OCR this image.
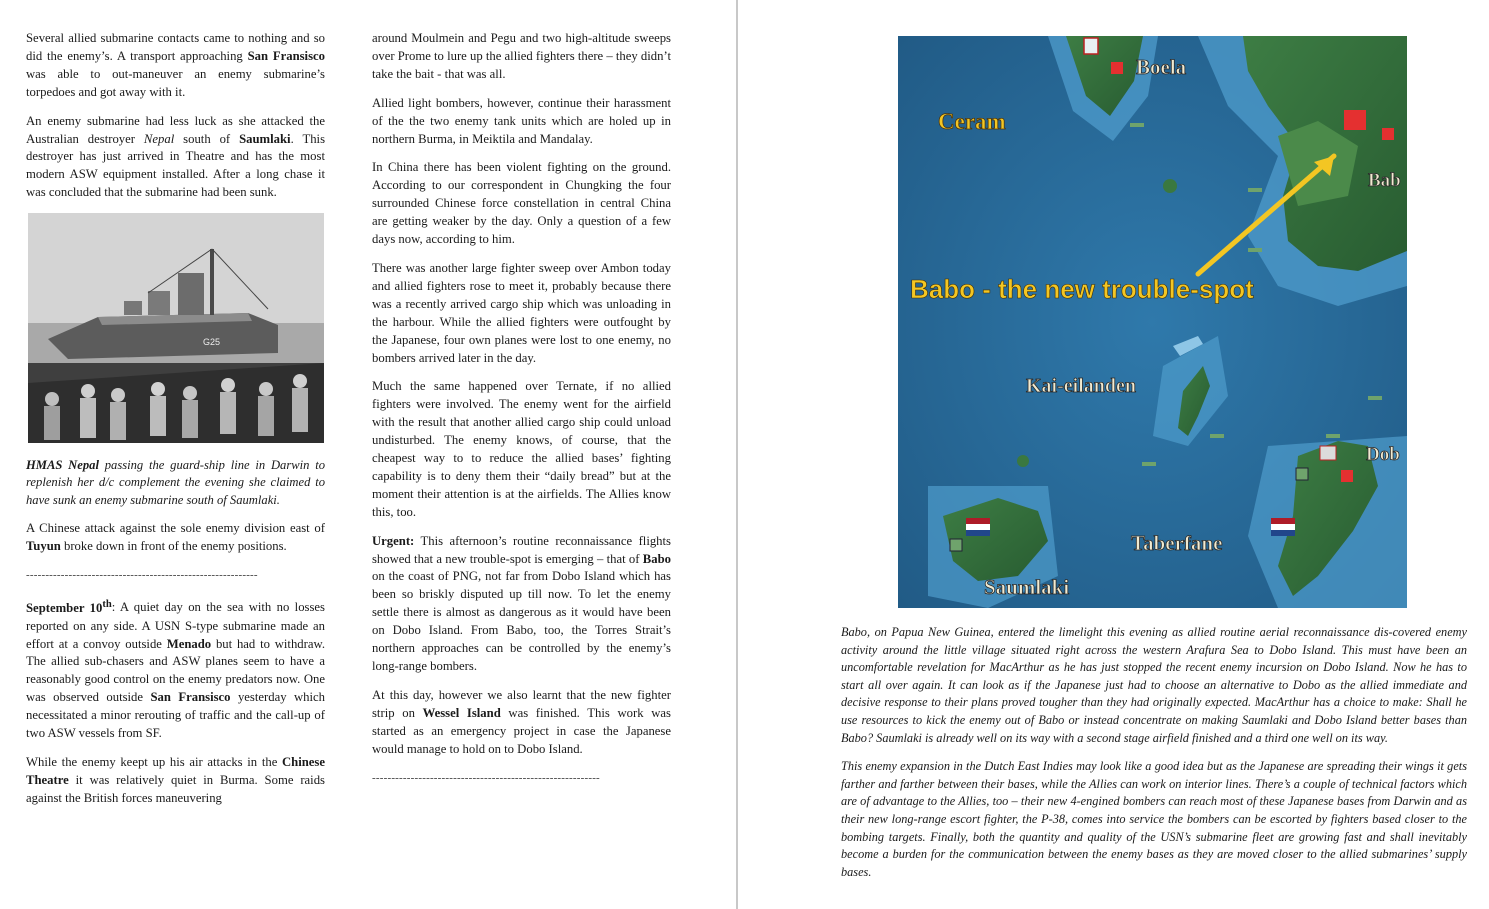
Several allied submarine contacts came to nothing and so did the enemy’s. A transport approaching San Fransisco was able to out-maneuver an enemy submarine’s torpedoes and got away with it.

An enemy submarine had less luck as she attacked the Australian destroyer Nepal south of Saumlaki. This destroyer has just arrived in Theatre and has the most modern ASW equipment installed. After a long chase it was concluded that the submarine had been sunk.

G25

HMAS Nepal passing the guard-ship line in Darwin to replenish her d/c complement the evening she claimed to have sunk an enemy submarine south of Saumlaki.

A Chinese attack against the sole enemy division east of Tuyun broke down in front of the enemy positions.

------------------------------------------------------------

September 10th: A quiet day on the sea with no losses reported on any side. A USN S-type submarine made an effort at a convoy outside Menado but had to withdraw. The allied sub-chasers and ASW planes seem to have a reasonably good control on the enemy predators now. One was observed outside San Fransisco yesterday which necessitated a minor rerouting of traffic and the call-up of two ASW vessels from SF.

While the enemy keept up his air attacks in the Chinese Theatre it was relatively quiet in Burma. Some raids against the British forces maneuvering

around Moulmein and Pegu and two high-altitude sweeps over Prome to lure up the allied fighters there – they didn’t take the bait - that was all.

Allied light bombers, however, continue their harassment of the the two enemy tank units which are holed up in northern Burma, in Meiktila and Mandalay.

In China there has been violent fighting on the ground. According to our correspondent in Chungking the four surrounded Chinese force constellation in central China are getting weaker by the day. Only a question of a few days now, according to him.

There was another large fighter sweep over Ambon today and allied fighters rose to meet it, probably because there was a recently arrived cargo ship which was unloading in the harbour. While the allied fighters were outfought by the Japanese, four own planes were lost to one enemy, no bombers arrived later in the day.

Much the same happened over Ternate, if no allied fighters were involved. The enemy went for the airfield with the result that another allied cargo ship could unload undisturbed. The enemy knows, of course, that the cheapest way to to reduce the allied bases’ fighting capability is to deny them their “daily bread” but at the moment their attention is at the airfields. The Allies know this, too.

Urgent: This afternoon’s routine reconnaissance flights showed that a new trouble-spot is emerging – that of Babo on the coast of PNG, not far from Dobo Island which has been so briskly disputed up till now. To let the enemy settle there is almost as dangerous as it would have been on Dobo Island. From Babo, too, the Torres Strait’s northern approaches can be controlled by the enemy’s long-range bombers.

At this day, however we also learnt that the new fighter strip on Wessel Island was finished. This work was started as an emergency project in case the Japanese would manage to hold on to Dobo Island.

-----------------------------------------------------------
Boela
Ceram
Bab
Babo - the new trouble-spot
Kai-eilanden
Dob
Taberfane
Saumlaki

Babo, on Papua New Guinea, entered the limelight this evening as allied routine aerial reconnaissance dis-covered enemy activity around the little village situated right across the western Arafura Sea to Dobo Island. This must have been an uncomfortable revelation for MacArthur as he has just stopped the recent enemy incursion on Dobo Island. Now he has to start all over again. It can look as if the Japanese just had to choose an alternative to Dobo as the allied immediate and decisive response to their plans proved tougher than they had originally expected. MacArthur has a choice to make: Shall he use resources to kick the enemy out of Babo or instead concentrate on making Saumlaki and Dobo Island better bases than Babo? Saumlaki is already well on its way with a second stage airfield finished and a third one well on its way.

This enemy expansion in the Dutch East Indies may look like a good idea but as the Japanese are spreading their wings it gets farther and farther between their bases, while the Allies can work on interior lines. There’s a couple of technical factors which are of advantage to the Allies, too – their new 4-engined bombers can reach most of these Japanese bases from Darwin and as their new long-range escort fighter, the P-38, comes into service the bombers can be escorted by fighters based closer to the bombing targets. Finally, both the quantity and quality of the USN’s submarine fleet are growing fast and shall inevitably become a burden for the communication between the enemy bases as they are moved closer to the allied submarines’ supply bases.
